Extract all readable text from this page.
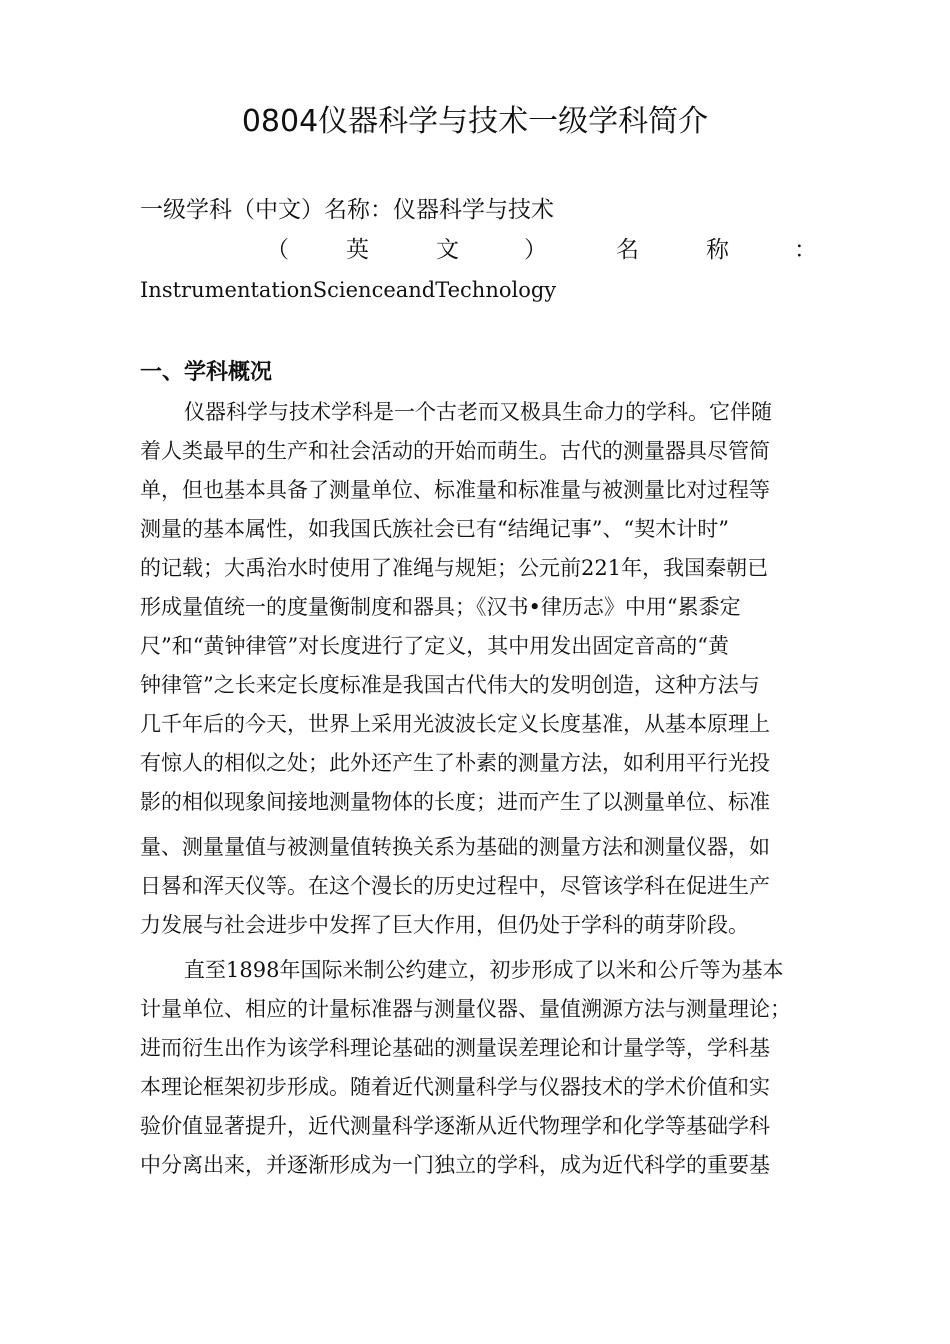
0804仪器科学与技术一级学科简介
一级学科（中文）名称：仪器科学与技术
（ 英	文	）	名	称	：
InstrumentationScienceandTechnology
一、学科概况
仪器科学与技术学科是一个古老而又极具生命力的学科。它伴随
着人类最早的生产和社会活动的开始而萌生。古代的测量器具尽管简
单，但也基本具备了测量单位、标准量和标准量与被测量比对过程等
测量的基本属性，如我国氏族社会已有“结绳记事”、“契木计时”
的记载；大禹治水时使用了准绳与规矩；公元前221年，我国秦朝已
形成量值统一的度量衡制度和器具；《汉书•律历志》中用“累黍定
尺”和“黄钟律管”对长度进行了定义，其中用发出固定音高的“黄
钟律管”之长来定长度标准是我国古代伟大的发明创造，这种方法与
几千年后的今天，世界上采用光波波长定义长度基准，从基本原理上
有惊人的相似之处；此外还产生了朴素的测量方法，如利用平行光投
影的相似现象间接地测量物体的长度；进而产生了以测量单位、标准
量、测量量值与被测量值转换关系为基础的测量方法和测量仪器，如
日晷和浑天仪等。在这个漫长的历史过程中，尽管该学科在促进生产
力发展与社会进步中发挥了巨大作用，但仍处于学科的萌芽阶段。
直至1898年国际米制公约建立，初步形成了以米和公斤等为基本
计量单位、相应的计量标准器与测量仪器、量值溯源方法与测量理论；
进而衍生出作为该学科理论基础的测量误差理论和计量学等，学科基
本理论框架初步形成。随着近代测量科学与仪器技术的学术价值和实
验价值显著提升，近代测量科学逐渐从近代物理学和化学等基础学科
中分离出来，并逐渐形成为一门独立的学科，成为近代科学的重要基
